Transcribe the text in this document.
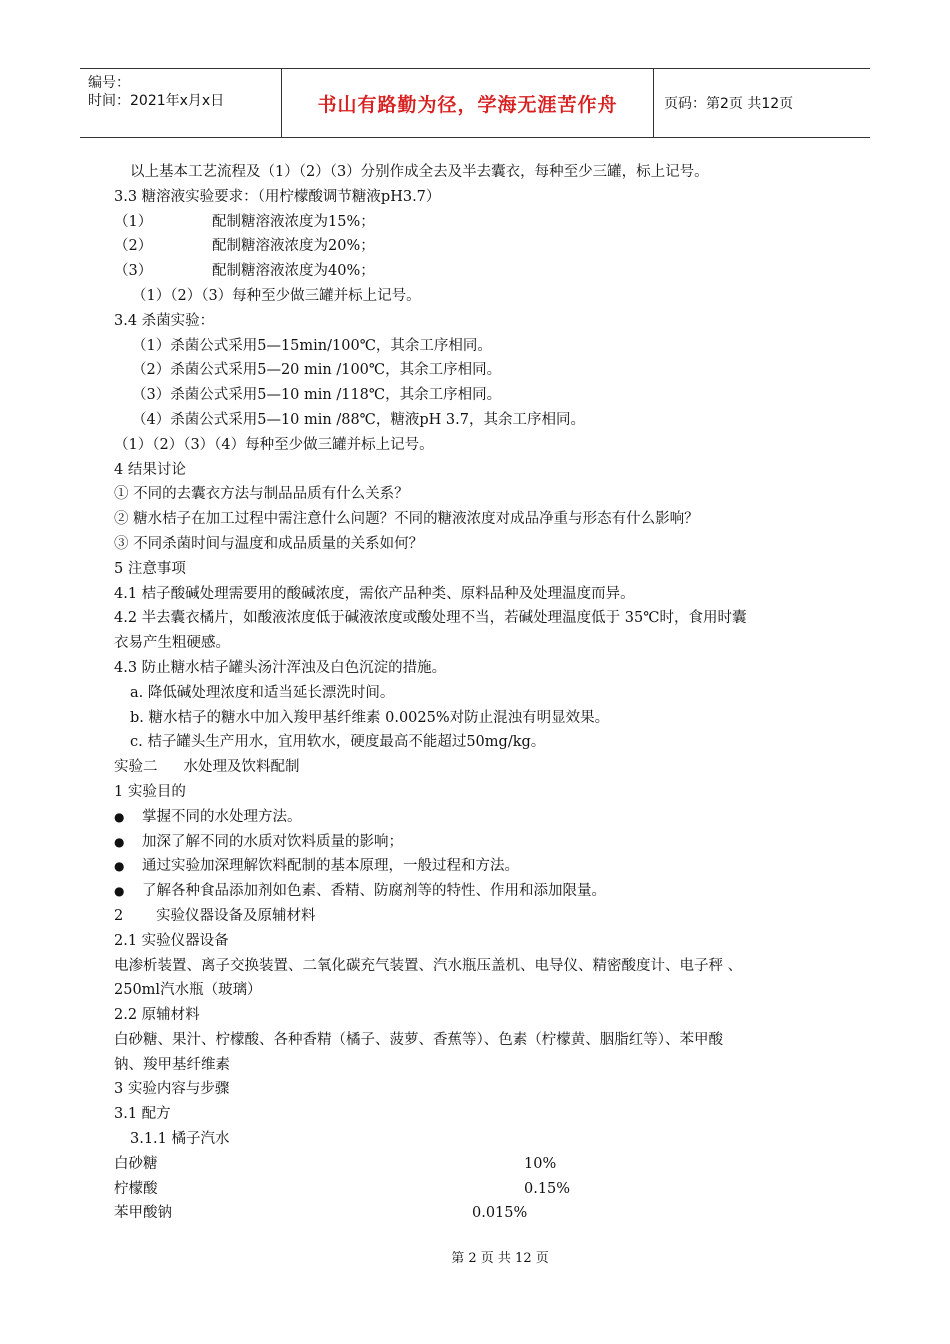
编号：
时间：2021年x月x日	书山有路勤为径，学海无涯苦作舟	页码：第2页 共12页
以上基本工艺流程及（1）（2）（3）分别作成全去及半去囊衣，每种至少三罐，标上记号。
3.3 糖溶液实验要求：（用柠檬酸调节糖液pH3.7）
（1）	配制糖溶液浓度为15%；
（2）	配制糖溶液浓度为20%；
（3）	配制糖溶液浓度为40%；
（1）（2）（3）每种至少做三罐并标上记号。
3.4 杀菌实验：
（1）杀菌公式采用5—15min/100℃，其余工序相同。
（2）杀菌公式采用5—20 min /100℃，其余工序相同。
（3）杀菌公式采用5—10 min /118℃，其余工序相同。
（4）杀菌公式采用5—10 min /88℃，糖液pH 3.7，其余工序相同。
（1）（2）（3）（4）每种至少做三罐并标上记号。
4 结果讨论
① 不同的去囊衣方法与制品品质有什么关系？
② 糖水桔子在加工过程中需注意什么问题？不同的糖液浓度对成品净重与形态有什么影响？
③ 不同杀菌时间与温度和成品质量的关系如何？
5 注意事项
4.1 桔子酸碱处理需要用的酸碱浓度，需依产品种类、原料品种及处理温度而异。
4.2 半去囊衣橘片，如酸液浓度低于碱液浓度或酸处理不当，若碱处理温度低于 35℃时，食用时囊
衣易产生粗硬感。
4.3 防止糖水桔子罐头汤汁浑浊及白色沉淀的措施。
a. 降低碱处理浓度和适当延长漂洗时间。
b. 糖水桔子的糖水中加入羧甲基纤维素 0.0025%对防止混浊有明显效果。
c. 桔子罐头生产用水，宜用软水，硬度最高不能超过50mg/kg。
实验二 水处理及饮料配制
1 实验目的
● 掌握不同的水处理方法。
● 加深了解不同的水质对饮料质量的影响；
● 通过实验加深理解饮料配制的基本原理，一般过程和方法。
● 了解各种食品添加剂如色素、香精、防腐剂等的特性、作用和添加限量。
2 实验仪器设备及原辅材料
2.1 实验仪器设备
电渗析装置、离子交换装置、二氧化碳充气装置、汽水瓶压盖机、电导仪、精密酸度计、电子秤 、
250ml汽水瓶（玻璃）
2.2 原辅材料
白砂糖、果汁、柠檬酸、各种香精（橘子、菠萝、香蕉等）、色素（柠檬黄、胭脂红等）、苯甲酸
钠、羧甲基纤维素
3 实验内容与步骤
3.1 配方
3.1.1 橘子汽水
白砂糖	10%
柠檬酸	0.15%
苯甲酸钠	0.015%
第 2 页 共 12 页
